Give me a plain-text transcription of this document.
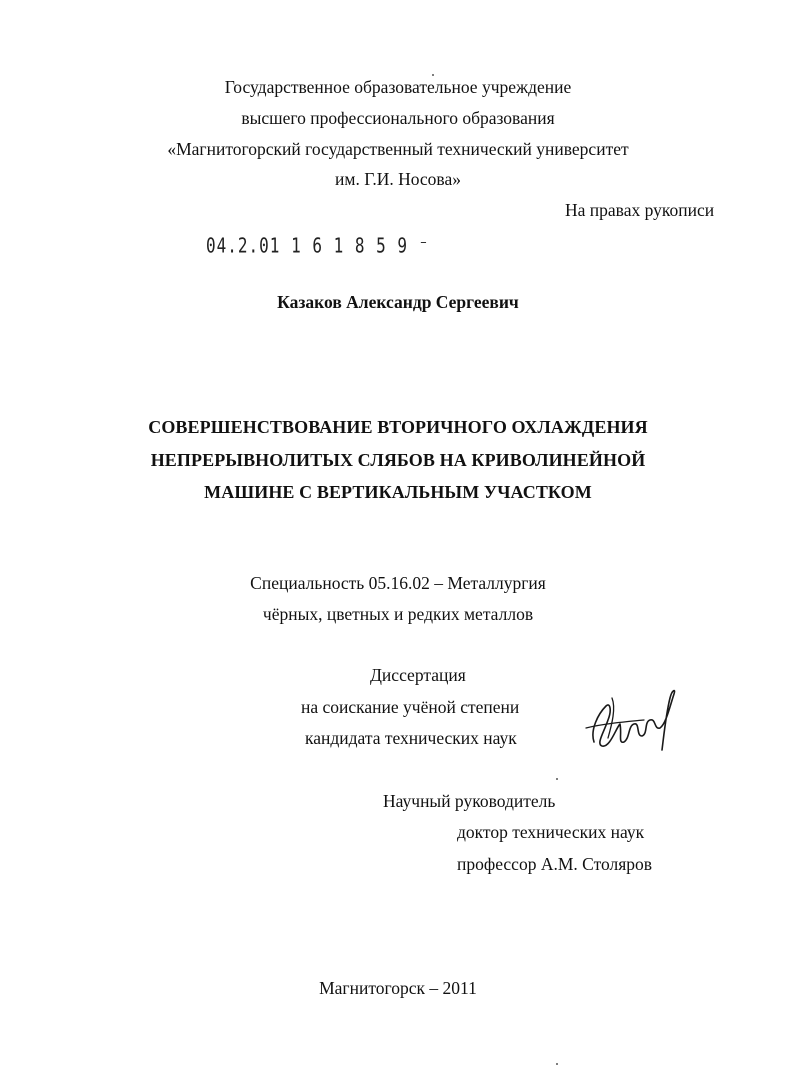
Государственное образовательное учреждение
высшего профессионального образования
«Магнитогорский государственный технический университет
им. Г.И. Носова»
На правах рукописи
04.2.01 1 6 1 8 5 9 ⁻
Казаков Александр Сергеевич
СОВЕРШЕНСТВОВАНИЕ ВТОРИЧНОГО ОХЛАЖДЕНИЯ
НЕПРЕРЫВНОЛИТЫХ СЛЯБОВ НА КРИВОЛИНЕЙНОЙ
МАШИНЕ С ВЕРТИКАЛЬНЫМ УЧАСТКОМ
Специальность 05.16.02 – Металлургия
чёрных, цветных и редких металлов
Диссертация
на соискание учёной степени
кандидата технических наук
Научный руководитель
доктор технических наук
профессор А.М. Столяров
Магнитогорск – 2011
